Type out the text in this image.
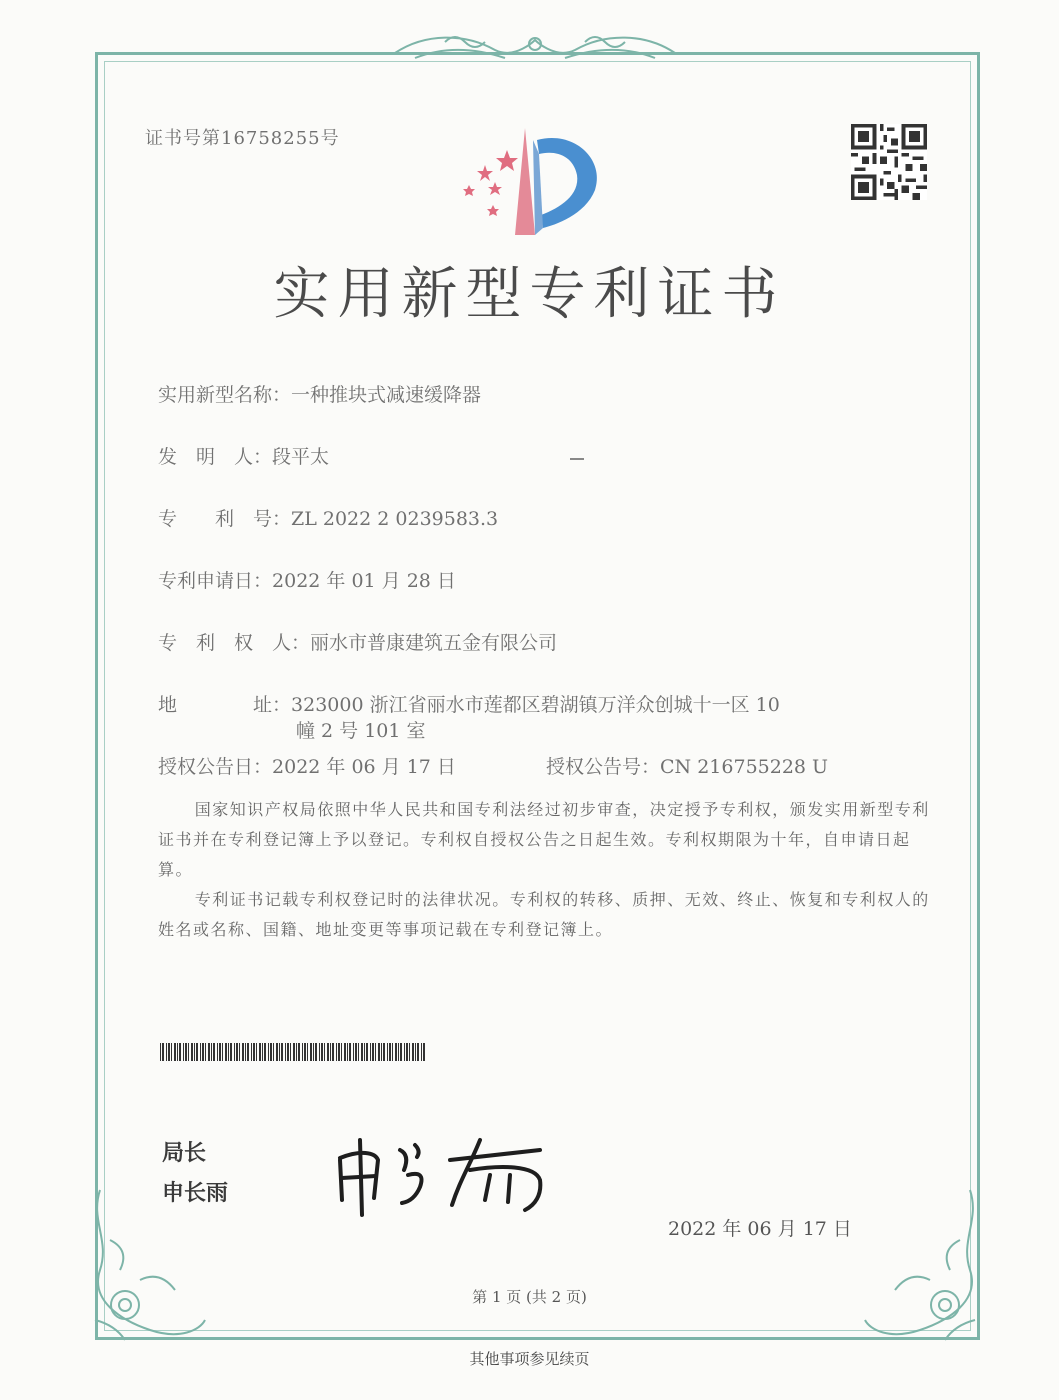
证书号第16758255号
实用新型专利证书
实用新型名称：一种推块式减速缓降器
发　明　人：段平太
专　　利　号：ZL 2022 2 0239583.3
专利申请日：2022 年 01 月 28 日
专　利　权　人：丽水市普康建筑五金有限公司
地　　　　址：323000 浙江省丽水市莲都区碧湖镇万洋众创城十一区 10
幢 2 号 101 室
授权公告日：2022 年 06 月 17 日	授权公告号：CN 216755228 U
国家知识产权局依照中华人民共和国专利法经过初步审查，决定授予专利权，颁发实用新型专利证书并在专利登记簿上予以登记。专利权自授权公告之日起生效。专利权期限为十年，自申请日起算。
专利证书记载专利权登记时的法律状况。专利权的转移、质押、无效、终止、恢复和专利权人的姓名或名称、国籍、地址变更等事项记载在专利登记簿上。
局长
申长雨
2022 年 06 月 17 日
第 1 页 (共 2 页)
其他事项参见续页
